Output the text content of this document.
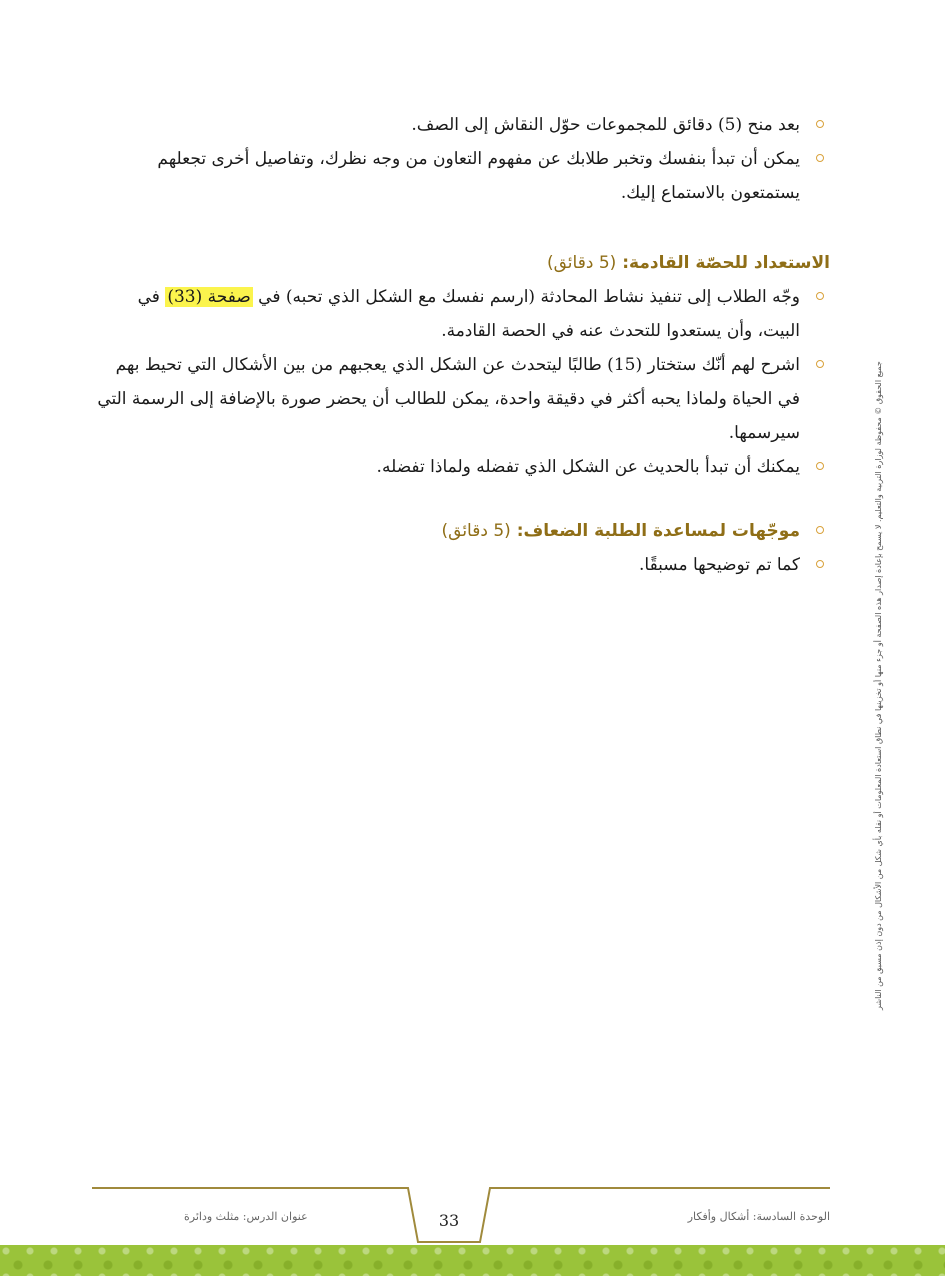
بعد منح (5) دقائق للمجموعات حوّل النقاش إلى الصف.
يمكن أن تبدأ بنفسك وتخبر طلابك عن مفهوم التعاون من وجه نظرك، وتفاصيل أخرى تجعلهم يستمتعون بالاستماع إليك.
الاستعداد للحصّة القادمة: (5 دقائق)
وجّه الطلاب إلى تنفيذ نشاط المحادثة (ارسم نفسك مع الشكل الذي تحبه) في صفحة (33) في البيت، وأن يستعدوا للتحدث عنه في الحصة القادمة.
اشرح لهم أنّك ستختار (15) طالبًا ليتحدث عن الشكل الذي يعجبهم من بين الأشكال التي تحيط بهم في الحياة ولماذا يحبه أكثر في دقيقة واحدة، يمكن للطالب أن يحضر صورة بالإضافة إلى الرسمة التي سيرسمها.
يمكنك أن تبدأ بالحديث عن الشكل الذي تفضله ولماذا تفضله.
موجّهات لمساعدة الطلبة الضعاف: (5 دقائق)
كما تم توضيحها مسبقًا.	جميع الحقوق © محفوظة لوزارة التربية والتعليم. لا يسمح بإعادة إصدار هذه الصفحة أو جزء منها أو تخزينها في نطاق استعادة المعلومات أو نقله بأي شكل من الأشكال من دون إذن مسبق من الناشر
عنوان الدرس: مثلث ودائرة	33	الوحدة السادسة: أشكال وأفكار
